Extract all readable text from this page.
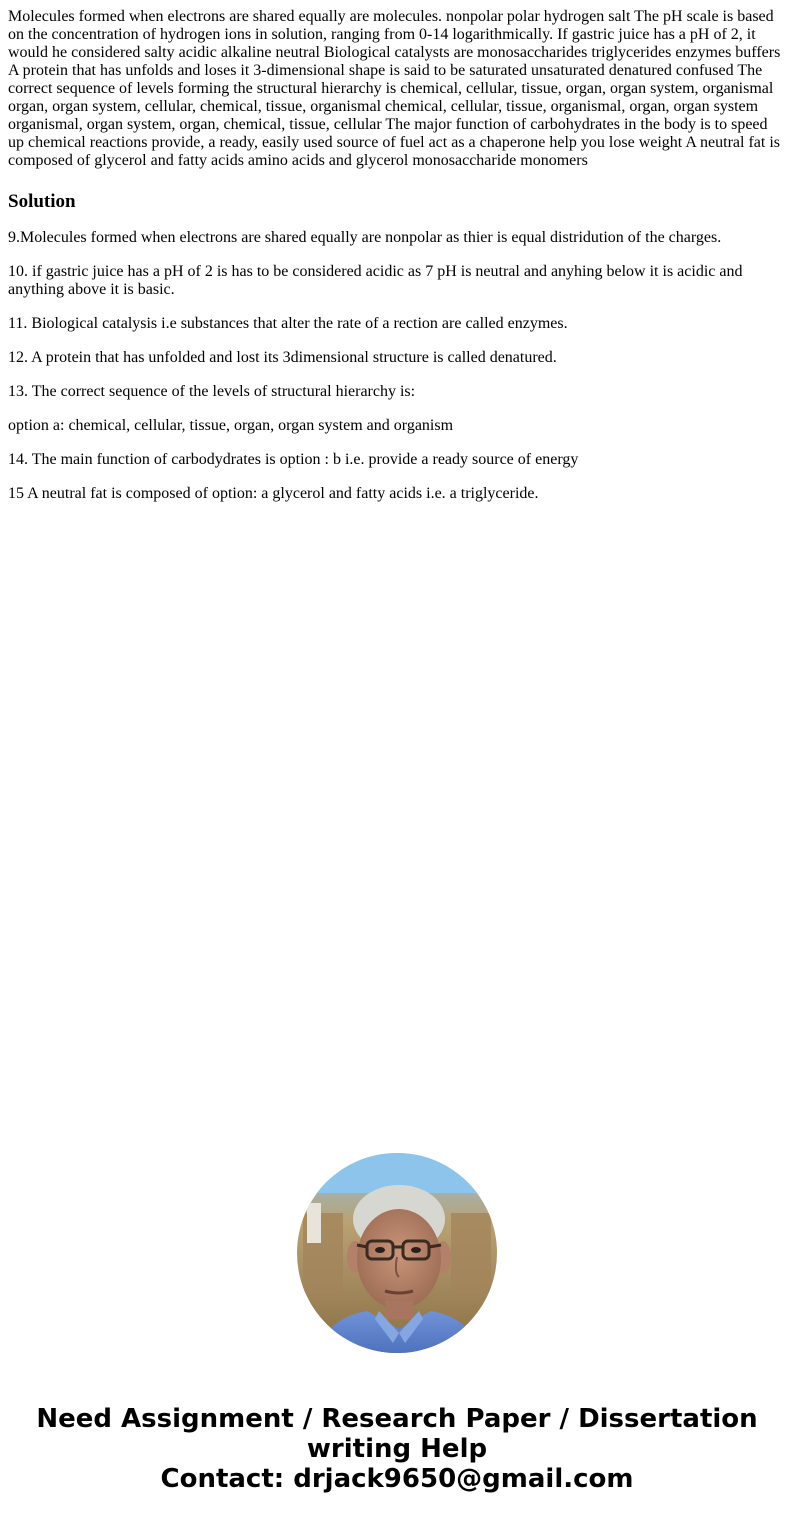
Molecules formed when electrons are shared equally are molecules. nonpolar polar hydrogen salt The pH scale is based on the concentration of hydrogen ions in solution, ranging from 0-14 logarithmically. If gastric juice has a pH of 2, it would he considered salty acidic alkaline neutral Biological catalysts are monosaccharides triglycerides enzymes buffers A protein that has unfolds and loses it 3-dimensional shape is said to be saturated unsaturated denatured confused The correct sequence of levels forming the structural hierarchy is chemical, cellular, tissue, organ, organ system, organismal organ, organ system, cellular, chemical, tissue, organismal chemical, cellular, tissue, organismal, organ, organ system organismal, organ system, organ, chemical, tissue, cellular The major function of carbohydrates in the body is to speed up chemical reactions provide, a ready, easily used source of fuel act as a chaperone help you lose weight A neutral fat is composed of glycerol and fatty acids amino acids and glycerol monosaccharide monomers

Solution

9.Molecules formed when electrons are shared equally are nonpolar as thier is equal distridution of the charges.

10. if gastric juice has a pH of 2 is has to be considered acidic as 7 pH is neutral and anyhing below it is acidic and anything above it is basic.

11. Biological catalysis i.e substances that alter the rate of a rection are called enzymes.

12. A protein that has unfolded and lost its 3dimensional structure is called denatured.

13. The correct sequence of the levels of structural hierarchy is:

option a: chemical, cellular, tissue, organ, organ system and organism

14. The main function of carbodydrates is option : b i.e. provide a ready source of energy

15 A neutral fat is composed of option: a glycerol and fatty acids i.e. a triglyceride.

Need Assignment / Research Paper / Dissertation
writing Help
Contact: drjack9650@gmail.com
